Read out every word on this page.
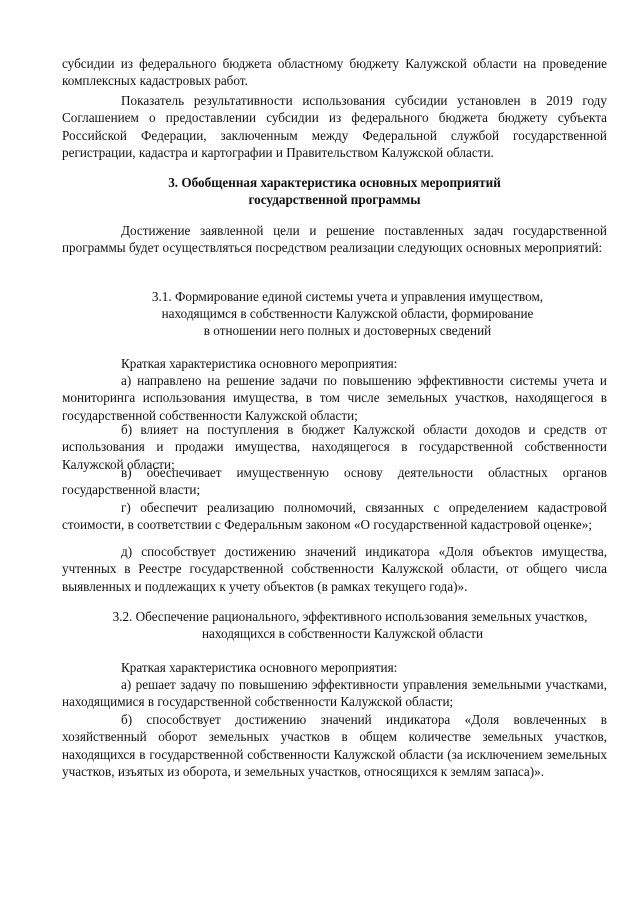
субсидии из федерального бюджета областному бюджету Калужской области на проведение комплексных кадастровых работ.

Показатель результативности использования субсидии установлен в 2019 году Соглашением о предоставлении субсидии из федерального бюджета бюджету субъекта Российской Федерации, заключенным между Федеральной службой государственной регистрации, кадастра и картографии и Правительством Калужской области.

3. Обобщенная характеристика основных мероприятий

государственной программы

Достижение заявленной цели и решение поставленных задач государственной программы будет осуществляться посредством реализации следующих основных мероприятий:

3.1. Формирование единой системы учета и управления имуществом,

находящимся в собственности Калужской области, формирование

в отношении него полных и достоверных сведений

Краткая характеристика основного мероприятия:

а) направлено на решение задачи по повышению эффективности системы учета и мониторинга использования имущества, в том числе земельных участков, находящегося в государственной собственности Калужской области;

б) влияет на поступления в бюджет Калужской области доходов и средств от использования и продажи имущества, находящегося в государственной собственности Калужской области;

в) обеспечивает имущественную основу деятельности областных органов

государственной власти;

г) обеспечит реализацию полномочий, связанных с определением кадастровой стоимости, в соответствии с Федеральным законом «О государственной кадастровой оценке»;

д) способствует достижению значений индикатора «Доля объектов имущества, учтенных в Реестре государственной собственности Калужской области, от общего числа выявленных и подлежащих к учету объектов (в рамках текущего года)».

3.2. Обеспечение рационального, эффективного использования земельных участков,

находящихся в собственности Калужской области

Краткая характеристика основного мероприятия:

а) решает задачу по повышению эффективности управления земельными участками, находящимися в государственной собственности Калужской области;

б) способствует достижению значений индикатора «Доля вовлеченных в хозяйственный оборот земельных участков в общем количестве земельных участков, находящихся в государственной собственности Калужской области (за исключением земельных участков, изъятых из оборота, и земельных участков, относящихся к землям запаса)».
